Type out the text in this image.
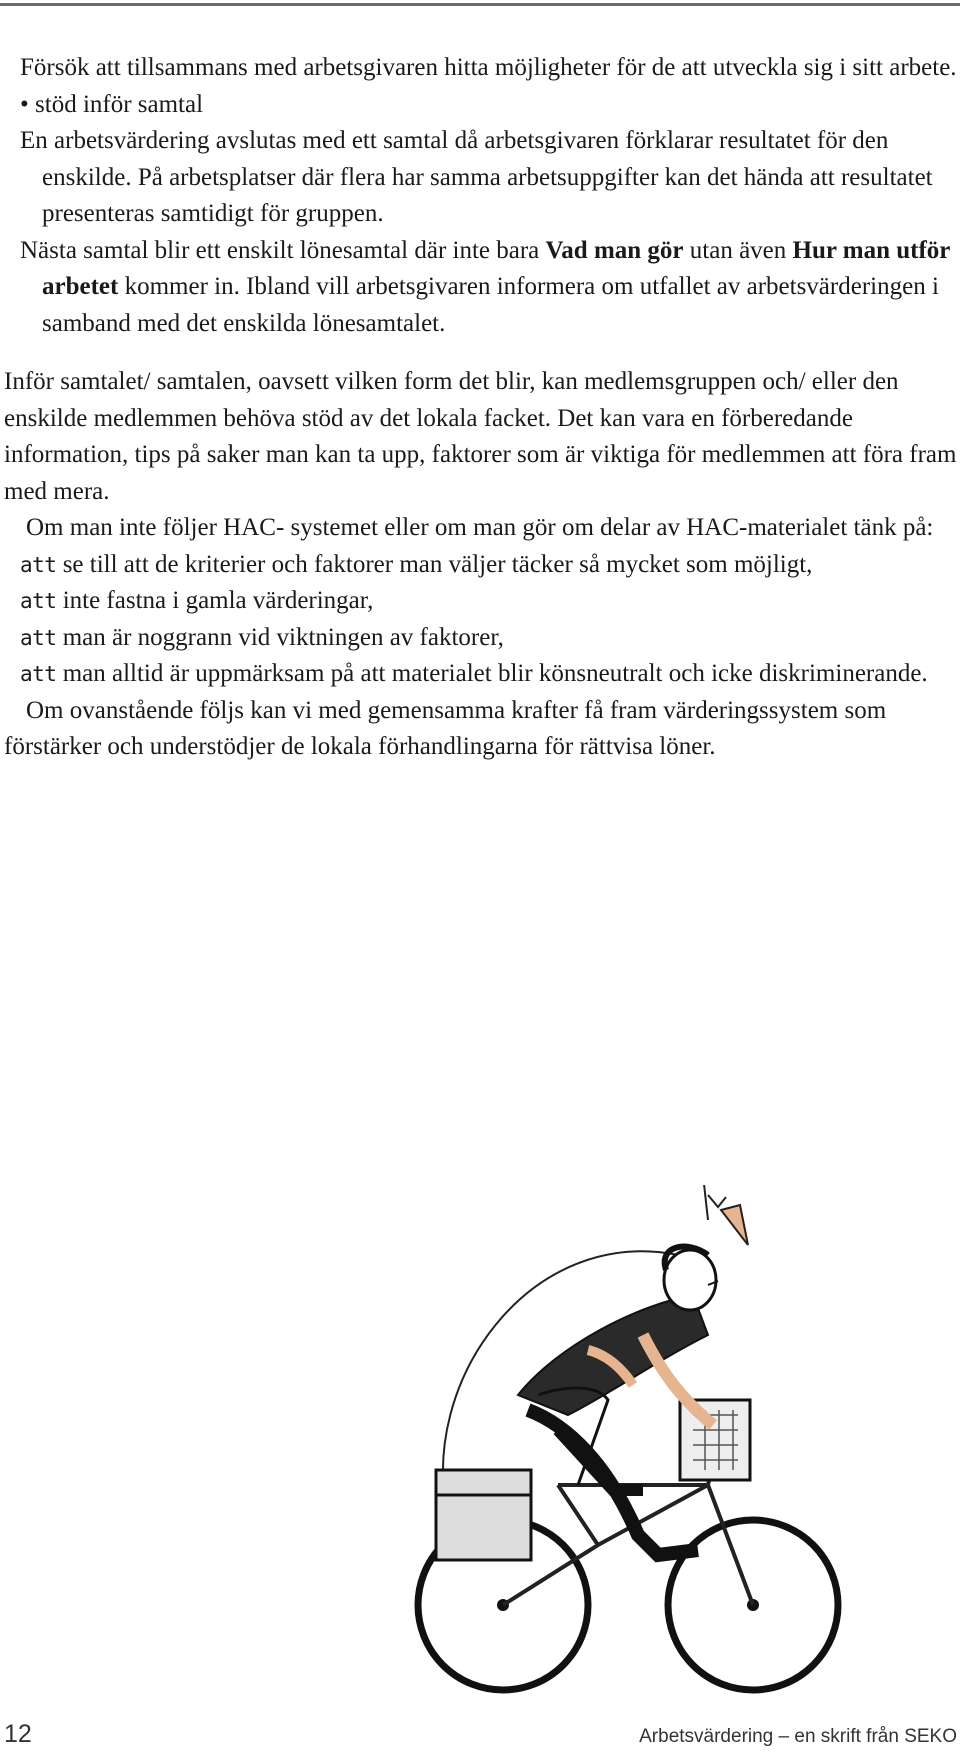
Försök att tillsammans med arbetsgivaren hitta möjligheter för de att utveckla sig i sitt arbete.

• stöd inför samtal

En arbetsvärdering avslutas med ett samtal då arbetsgivaren förklarar resultatet för den enskilde. På arbetsplatser där flera har samma arbetsuppgifter kan det hända att resultatet presenteras samtidigt för gruppen.

Nästa samtal blir ett enskilt lönesamtal där inte bara Vad man gör utan även Hur man utför arbetet kommer in. Ibland vill arbetsgivaren informera om utfallet av arbetsvärderingen i samband med det enskilda lönesamtalet.

Inför samtalet/ samtalen, oavsett vilken form det blir, kan medlemsgruppen och/ eller den enskilde medlemmen behöva stöd av det lokala facket. Det kan vara en förberedande information, tips på saker man kan ta upp, faktorer som är viktiga för medlemmen att föra fram med mera.

Om man inte följer HAC- systemet eller om man gör om delar av HAC-materialet tänk på:

att se till att de kriterier och faktorer man väljer täcker så mycket som möjligt,

att inte fastna i gamla värderingar,

att man är noggrann vid viktningen av faktorer,

att man alltid är uppmärksam på att materialet blir könsneutralt och icke diskriminerande.

Om ovanstående följs kan vi med gemensamma krafter få fram värderingssystem som förstärker och understödjer de lokala förhandlingarna för rättvisa löner.

12	Arbetsvärdering – en skrift från SEKO
